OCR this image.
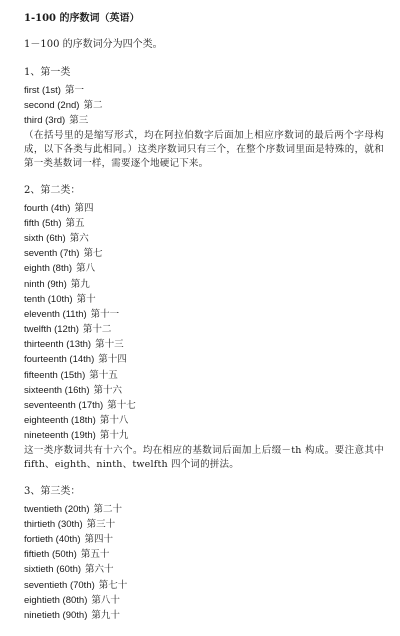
1-100 的序数词（英语）
1－100 的序数词分为四个类。
1、第一类
first (1st) 第一
second (2nd) 第二
third (3rd) 第三

（在括号里的是缩写形式，均在阿拉伯数字后面加上相应序数词的最后两个字母构成，以下各类与此相同。）这类序数词只有三个，在整个序数词里面是特殊的，就和第一类基数词一样，需要逐个地硬记下来。

2、第二类：
fourth (4th) 第四
fifth (5th) 第五
sixth (6th) 第六
seventh (7th) 第七
eighth (8th) 第八
ninth (9th) 第九
tenth (10th) 第十
eleventh (11th) 第十一
twelfth (12th) 第十二
thirteenth (13th) 第十三
fourteenth (14th) 第十四
fifteenth (15th) 第十五
sixteenth (16th) 第十六
seventeenth (17th) 第十七
eighteenth (18th) 第十八
nineteenth (19th) 第十九

这一类序数词共有十六个。均在相应的基数词后面加上后缀－th 构成。要注意其中 fifth、eighth、ninth、twelfth 四个词的拼法。

3、第三类：
twentieth (20th) 第二十
thirtieth (30th) 第三十
fortieth (40th) 第四十
fiftieth (50th) 第五十
sixtieth (60th) 第六十
seventieth (70th) 第七十
eightieth (80th) 第八十
ninetieth (90th) 第九十
